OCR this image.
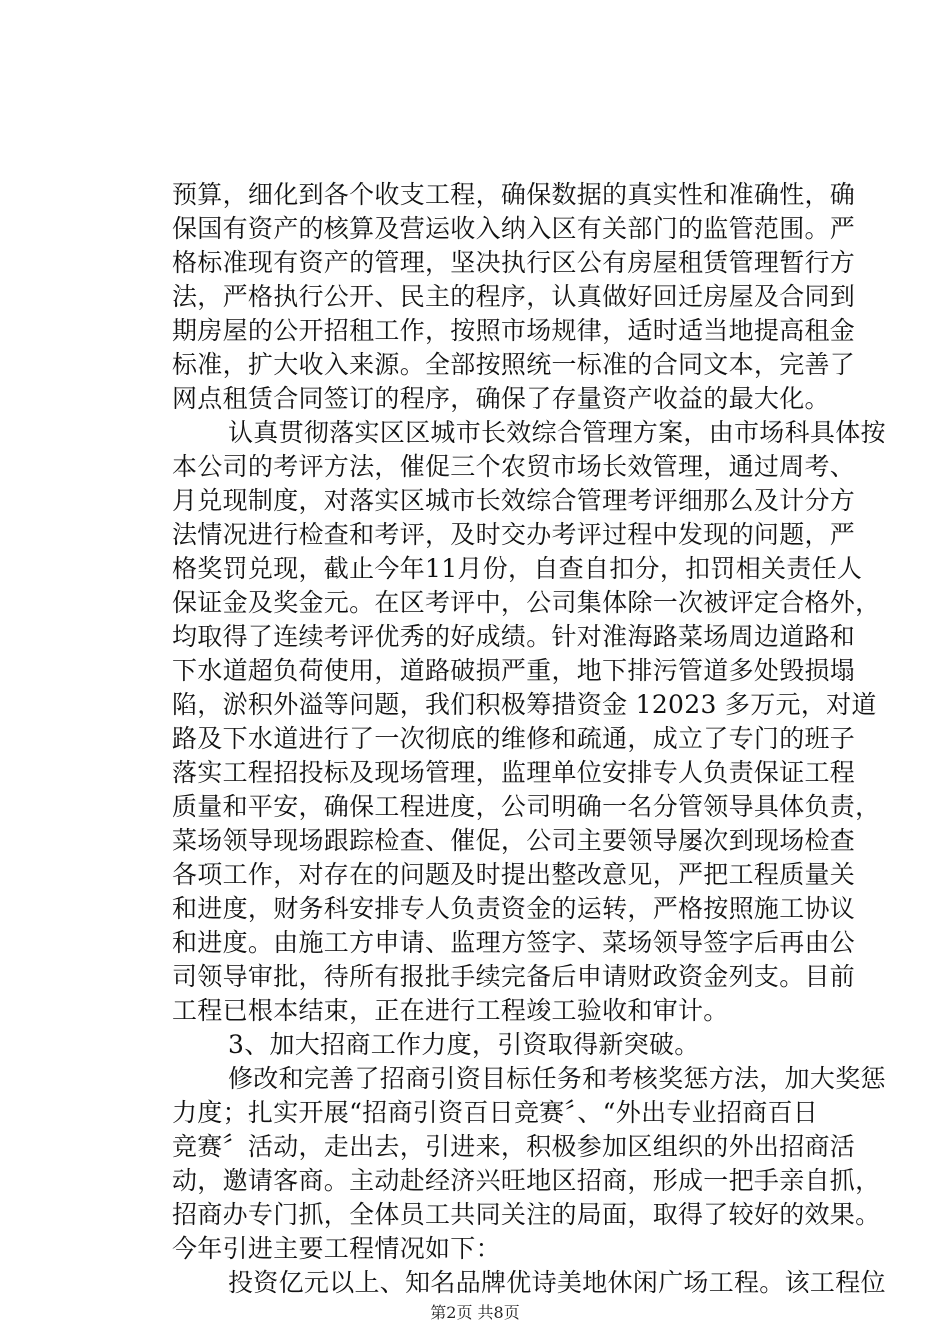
预算，细化到各个收支工程，确保数据的真实性和准确性，确
保国有资产的核算及营运收入纳入区有关部门的监管范围。严
格标准现有资产的管理，坚决执行区公有房屋租赁管理暂行方
法，严格执行公开、民主的程序，认真做好回迁房屋及合同到
期房屋的公开招租工作，按照市场规律，适时适当地提高租金
标准，扩大收入来源。全部按照统一标准的合同文本，完善了
网点租赁合同签订的程序，确保了存量资产收益的最大化。
认真贯彻落实区区城市长效综合管理方案，由市场科具体按
本公司的考评方法，催促三个农贸市场长效管理，通过周考、
月兑现制度，对落实区城市长效综合管理考评细那么及计分方
法情况进行检查和考评，及时交办考评过程中发现的问题，严
格奖罚兑现，截止今年11月份，自查自扣分，扣罚相关责任人
保证金及奖金元。在区考评中，公司集体除一次被评定合格外，
均取得了连续考评优秀的好成绩。针对淮海路菜场周边道路和
下水道超负荷使用，道路破损严重，地下排污管道多处毁损塌
陷，淤积外溢等问题，我们积极筹措资金 12023 多万元，对道
路及下水道进行了一次彻底的维修和疏通，成立了专门的班子
落实工程招投标及现场管理，监理单位安排专人负责保证工程
质量和平安，确保工程进度，公司明确一名分管领导具体负责，
菜场领导现场跟踪检查、催促，公司主要领导屡次到现场检查
各项工作，对存在的问题及时提出整改意见，严把工程质量关
和进度，财务科安排专人负责资金的运转，严格按照施工协议
和进度。由施工方申请、监理方签字、菜场领导签字后再由公
司领导审批，待所有报批手续完备后申请财政资金列支。目前
工程已根本结束，正在进行工程竣工验收和审计。
3、加大招商工作力度，引资取得新突破。
修改和完善了招商引资目标任务和考核奖惩方法，加大奖惩
力度；扎实开展“招商引资百日竞赛〞、“外出专业招商百日
竞赛〞活动，走出去，引进来，积极参加区组织的外出招商活
动，邀请客商。主动赴经济兴旺地区招商，形成一把手亲自抓，
招商办专门抓，全体员工共同关注的局面，取得了较好的效果。
今年引进主要工程情况如下：
投资亿元以上、知名品牌优诗美地休闲广场工程。该工程位
第2页 共8页
